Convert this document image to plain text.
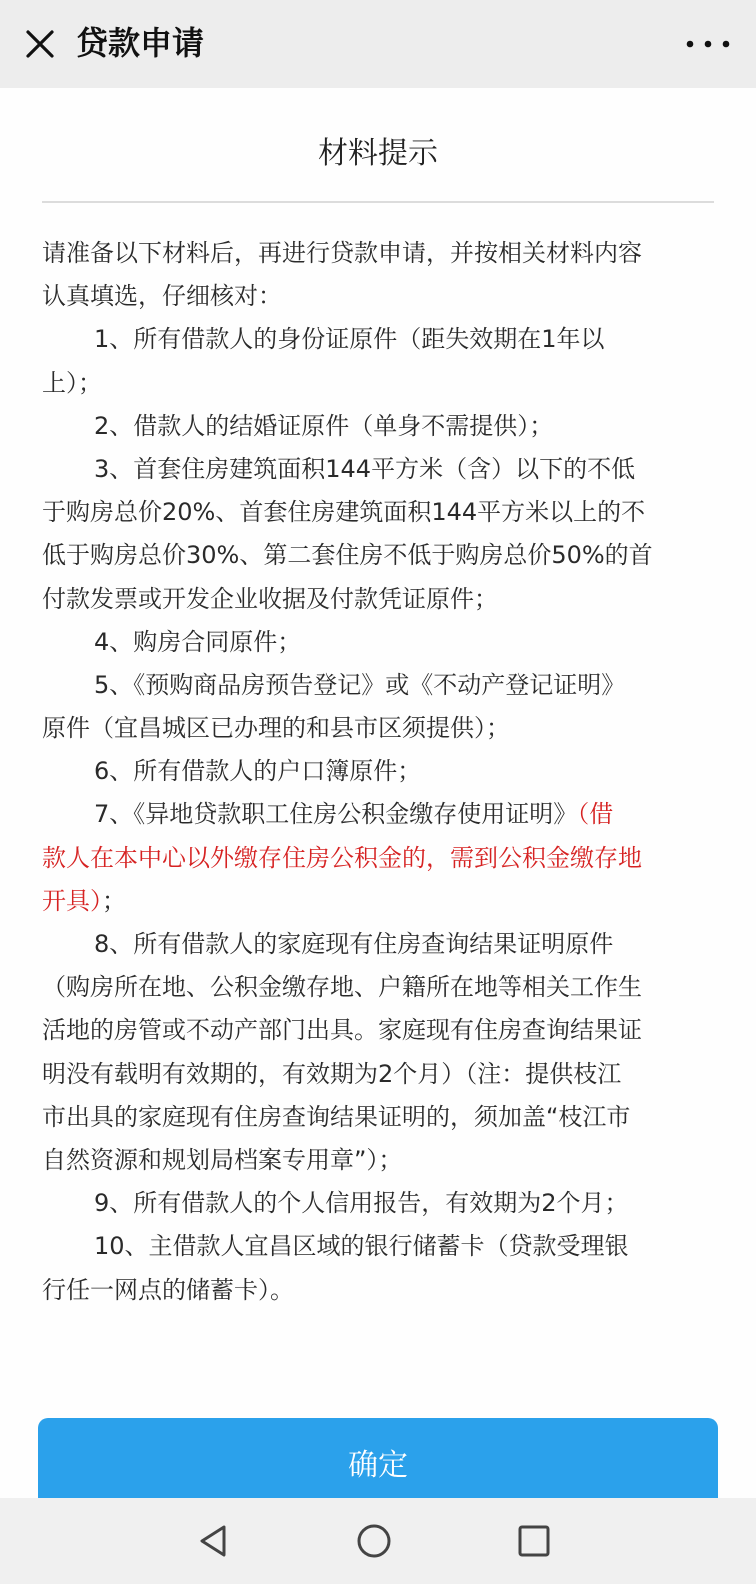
贷款申请
材料提示
请准备以下材料后，再进行贷款申请，并按相关材料内容
认真填选，仔细核对：
1、所有借款人的身份证原件（距失效期在1年以
上）；
2、借款人的结婚证原件（单身不需提供）；
3、首套住房建筑面积144平方米（含）以下的不低
于购房总价20%、首套住房建筑面积144平方米以上的不
低于购房总价30%、第二套住房不低于购房总价50%的首
付款发票或开发企业收据及付款凭证原件；
4、购房合同原件；
5、《预购商品房预告登记》或《不动产登记证明》
原件（宜昌城区已办理的和县市区须提供）；
6、所有借款人的户口簿原件；
7、《异地贷款职工住房公积金缴存使用证明》（借
款人在本中心以外缴存住房公积金的，需到公积金缴存地
开具）；
8、所有借款人的家庭现有住房查询结果证明原件
（购房所在地、公积金缴存地、户籍所在地等相关工作生
活地的房管或不动产部门出具。家庭现有住房查询结果证
明没有载明有效期的，有效期为2个月）（注：提供枝江
市出具的家庭现有住房查询结果证明的，须加盖“枝江市
自然资源和规划局档案专用章”）；
9、所有借款人的个人信用报告，有效期为2个月；
10、主借款人宜昌区域的银行储蓄卡（贷款受理银
行任一网点的储蓄卡）。
确定
